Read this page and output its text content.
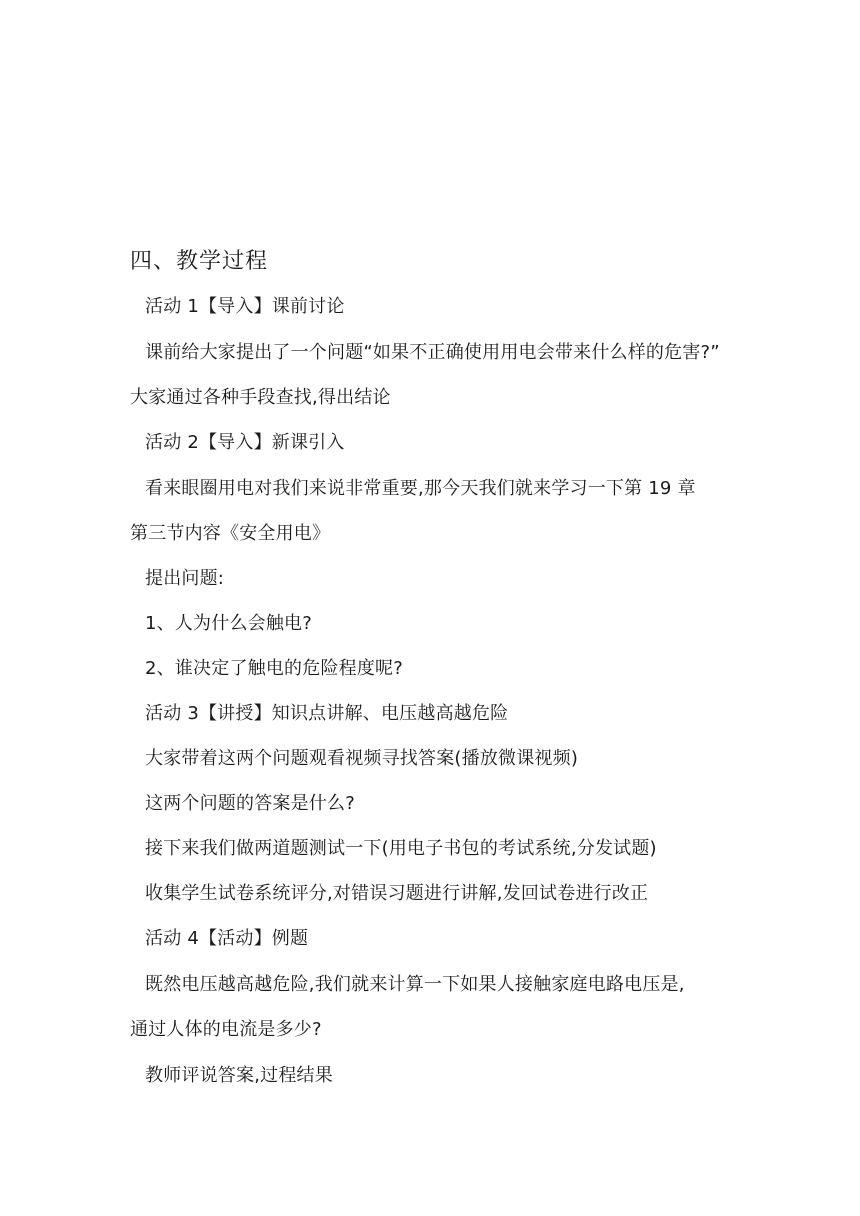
四、教学过程
活动 1【导入】课前讨论
课前给大家提出了一个问题“如果不正确使用用电会带来什么样的危害?”
大家通过各种手段查找,得出结论
活动 2【导入】新课引入
看来眼圈用电对我们来说非常重要,那今天我们就来学习一下第 19 章
第三节内容《安全用电》
提出问题:
1、人为什么会触电?
2、谁决定了触电的危险程度呢?
活动 3【讲授】知识点讲解、电压越高越危险
大家带着这两个问题观看视频寻找答案(播放微课视频)
这两个问题的答案是什么?
接下来我们做两道题测试一下(用电子书包的考试系统,分发试题)
收集学生试卷系统评分,对错误习题进行讲解,发回试卷进行改正
活动 4【活动】例题
既然电压越高越危险,我们就来计算一下如果人接触家庭电路电压是,
通过人体的电流是多少?
教师评说答案,过程结果
